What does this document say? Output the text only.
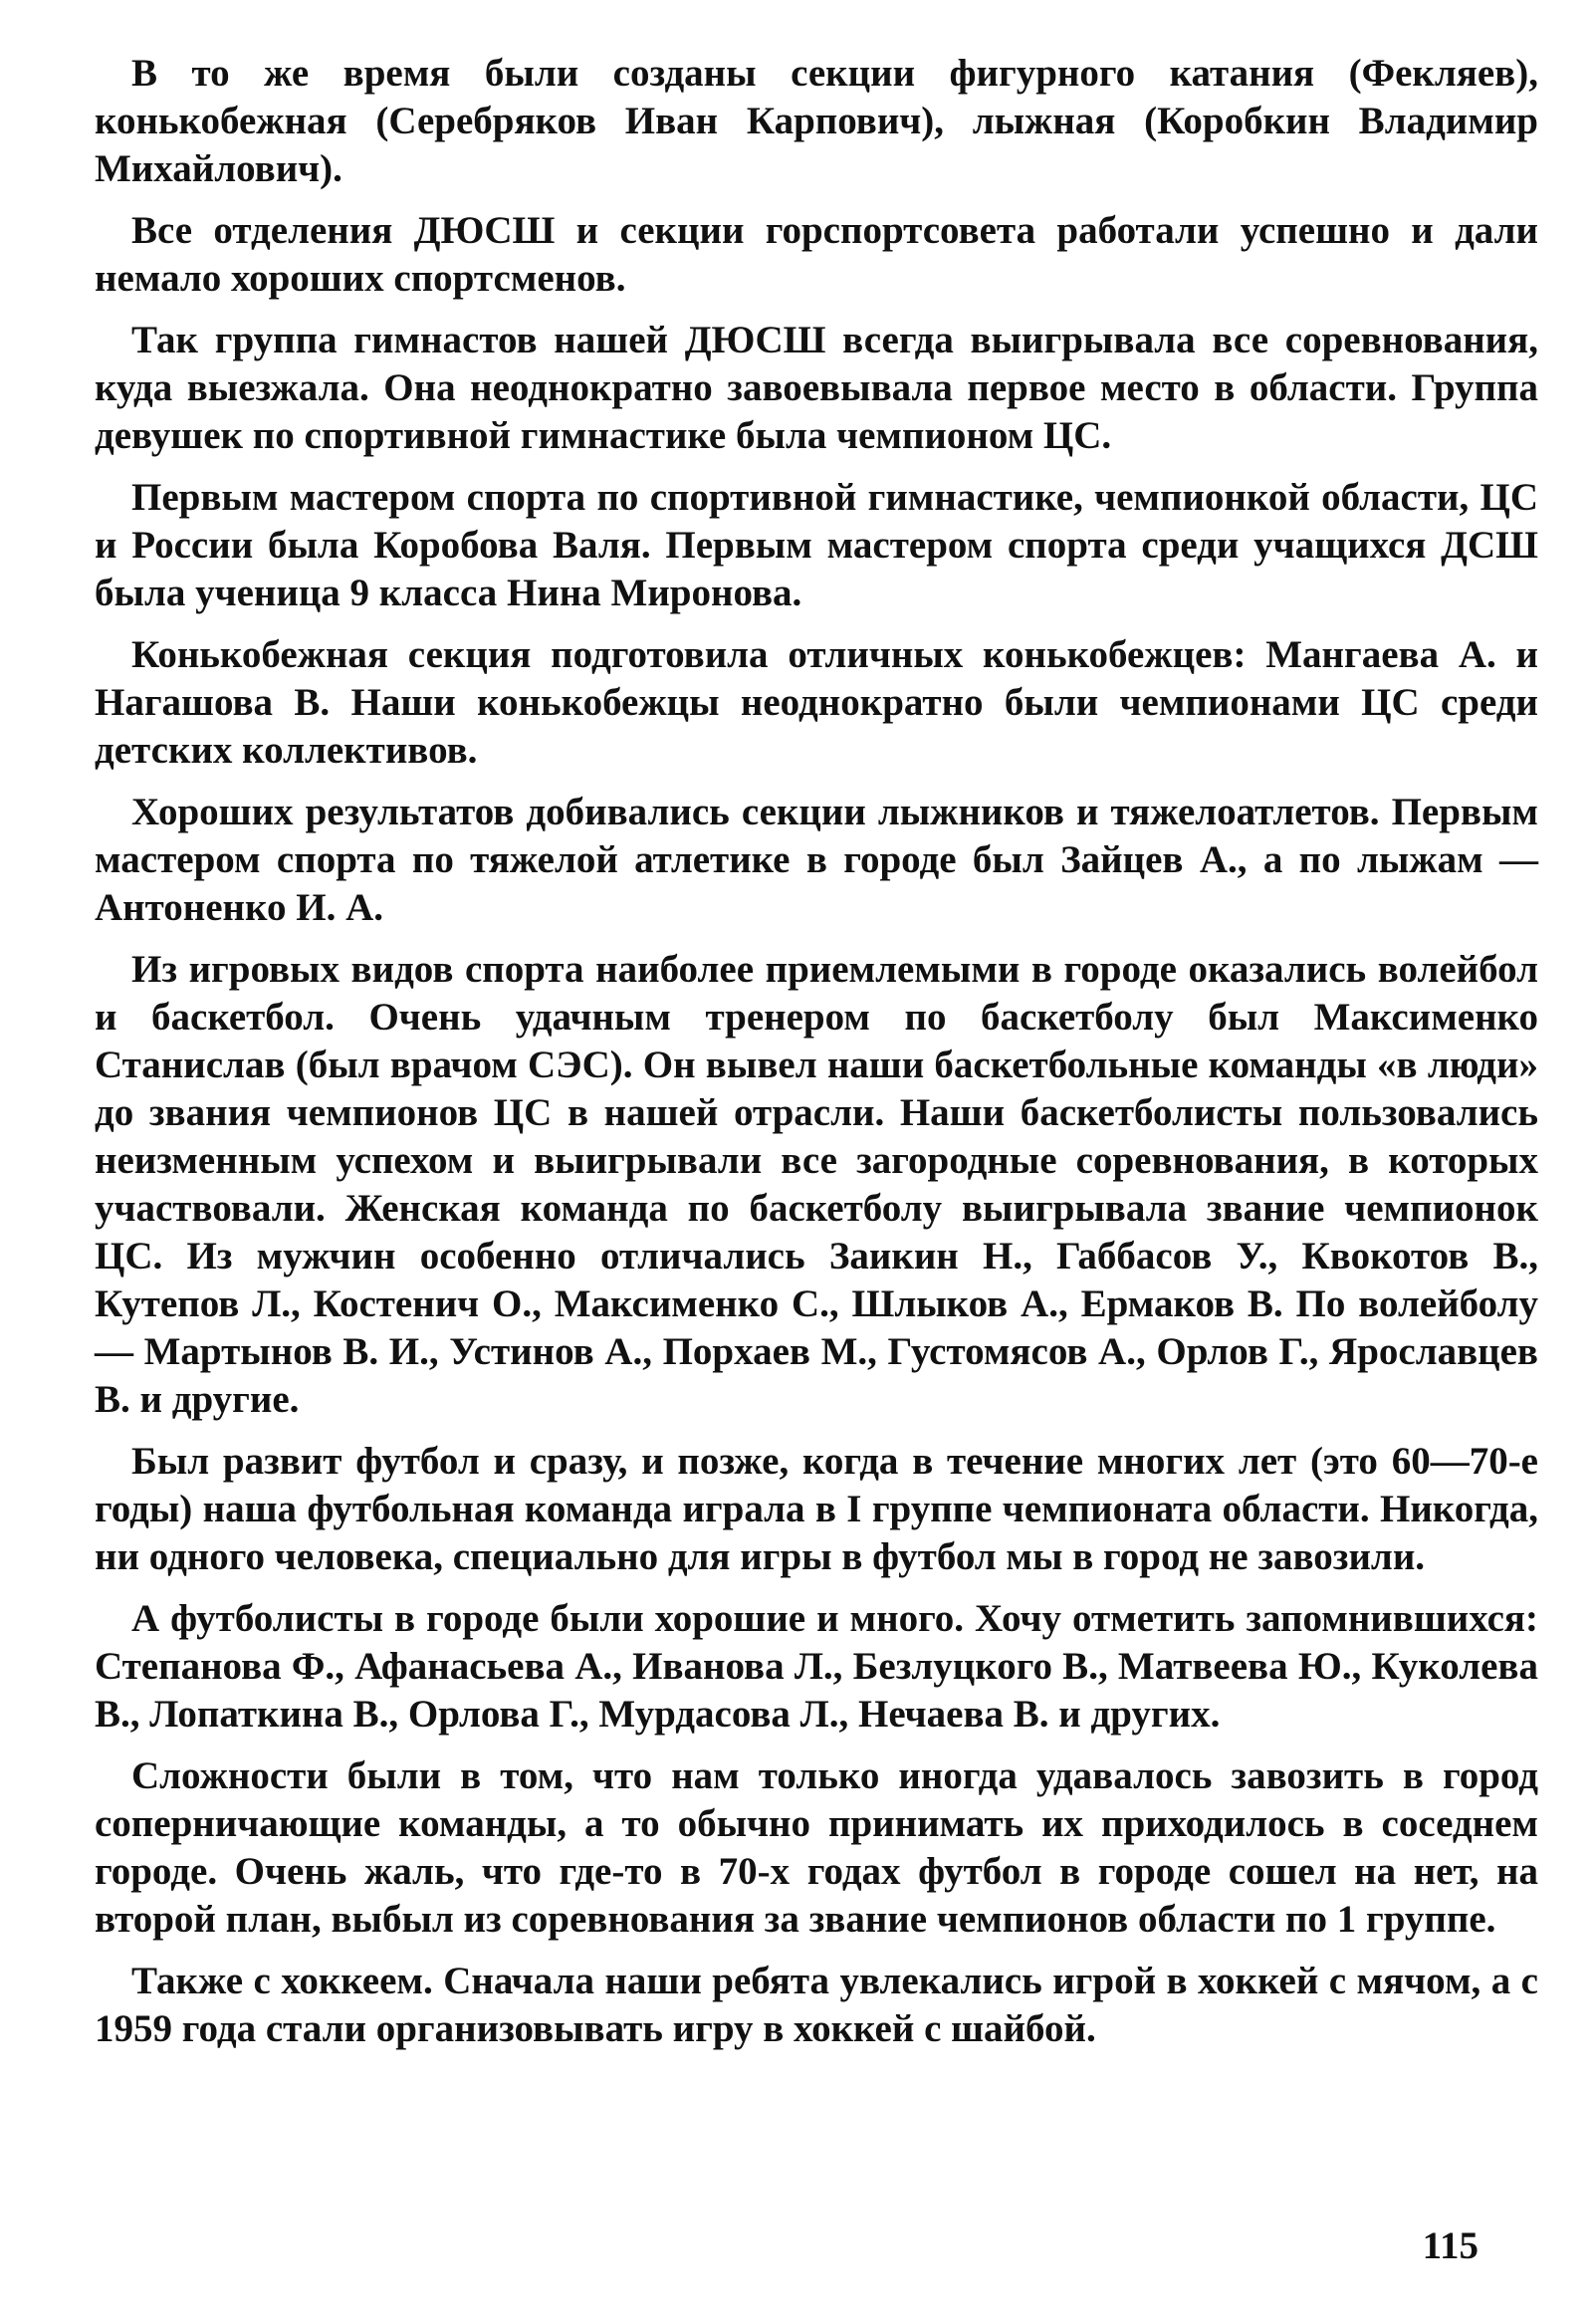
В то же время были созданы секции фигурного катания (Фекляев), конькобежная (Серебряков Иван Карпович), лыжная (Коробкин Владимир Михайлович).

Все отделения ДЮСШ и секции горспортсовета работали успешно и дали немало хороших спортсменов.

Так группа гимнастов нашей ДЮСШ всегда выигрывала все соревнования, куда выезжала. Она неоднократно завоевывала первое место в области. Группа девушек по спортивной гимнастике была чемпионом ЦС.

Первым мастером спорта по спортивной гимнастике, чемпионкой области, ЦС и России была Коробова Валя. Первым мастером спорта среди учащихся ДСШ была ученица 9 класса Нина Миронова.

Конькобежная секция подготовила отличных конькобежцев: Мангаева А. и Нагашова В. Наши конькобежцы неоднократно были чемпионами ЦС среди детских коллективов.

Хороших результатов добивались секции лыжников и тяжелоатлетов. Первым мастером спорта по тяжелой атлетике в городе был Зайцев А., а по лыжам — Антоненко И. А.

Из игровых видов спорта наиболее приемлемыми в городе оказались волейбол и баскетбол. Очень удачным тренером по баскетболу был Максименко Станислав (был врачом СЭС). Он вывел наши баскетбольные команды «в люди» до звания чемпионов ЦС в нашей отрасли. Наши баскетболисты пользовались неизменным успехом и выигрывали все загородные соревнования, в которых участвовали. Женская команда по баскетболу выигрывала звание чемпионок ЦС. Из мужчин особенно отличались Заикин Н., Габбасов У., Квокотов В., Кутепов Л., Костенич О., Максименко С., Шлыков А., Ермаков В. По волейболу — Мартынов В. И., Устинов А., Порхаев М., Густомясов А., Орлов Г., Ярославцев В. и другие.

Был развит футбол и сразу, и позже, когда в течение многих лет (это 60—70-е годы) наша футбольная команда играла в I группе чемпионата области. Никогда, ни одного человека, специально для игры в футбол мы в город не завозили.

А футболисты в городе были хорошие и много. Хочу отметить запомнившихся: Степанова Ф., Афанасьева А., Иванова Л., Безлуцкого В., Матвеева Ю., Куколева В., Лопаткина В., Орлова Г., Мурдасова Л., Нечаева В. и других.

Сложности были в том, что нам только иногда удавалось завозить в город соперничающие команды, а то обычно принимать их приходилось в соседнем городе. Очень жаль, что где-то в 70-х годах футбол в городе сошел на нет, на второй план, выбыл из соревнования за звание чемпионов области по 1 группе.

Также с хоккеем. Сначала наши ребята увлекались игрой в хоккей с мячом, а с 1959 года стали организовывать игру в хоккей с шайбой.

115
